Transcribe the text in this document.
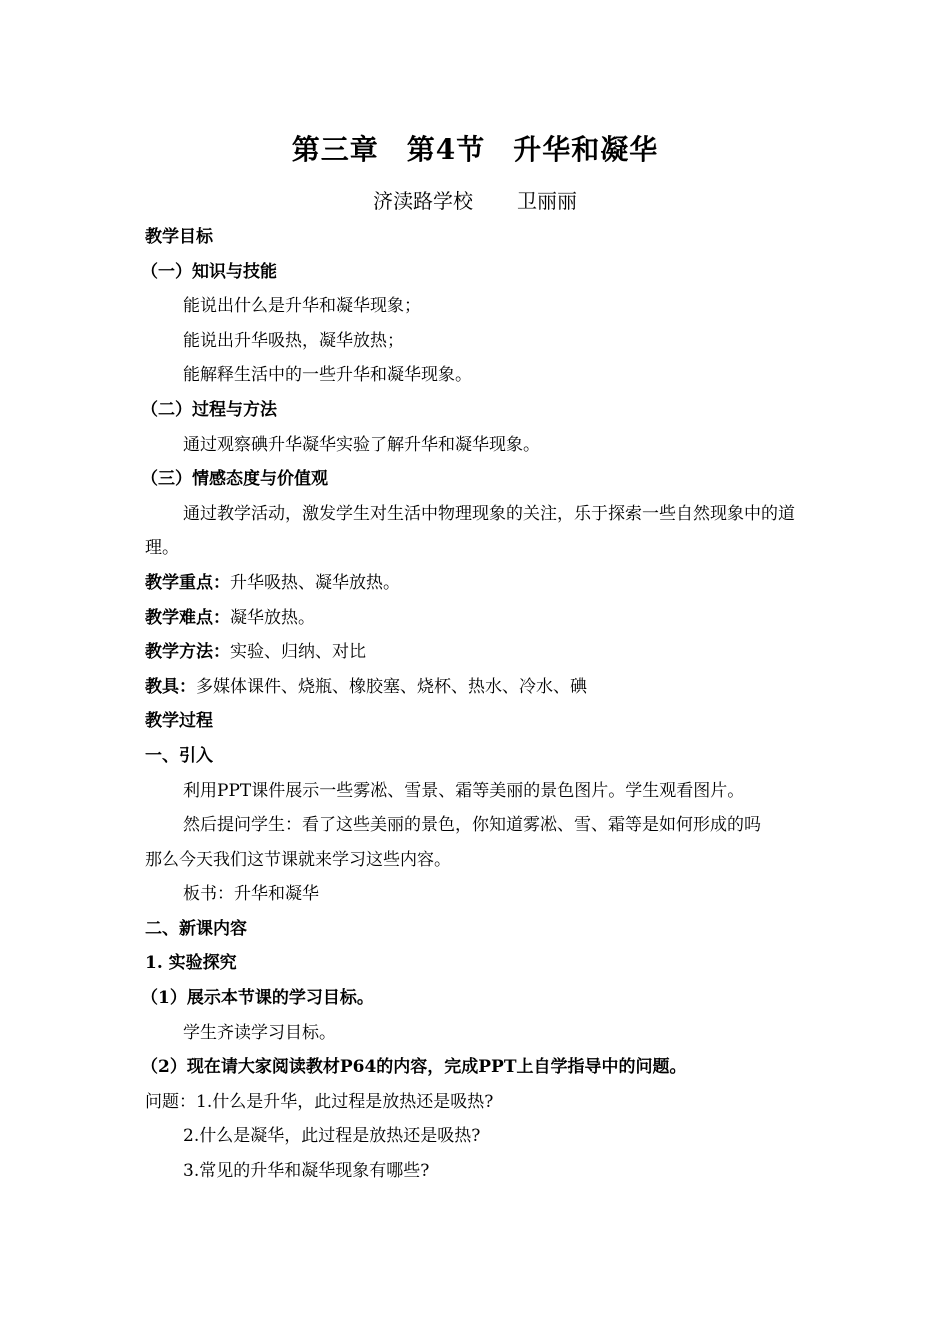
第三章 第4节 升华和凝华
济渎路学校 卫丽丽
教学目标
（一）知识与技能
能说出什么是升华和凝华现象；
能说出升华吸热，凝华放热；
能解释生活中的一些升华和凝华现象。
（二）过程与方法
通过观察碘升华凝华实验了解升华和凝华现象。
（三）情感态度与价值观
通过教学活动，激发学生对生活中物理现象的关注，乐于探索一些自然现象中的道理。
教学重点：升华吸热、凝华放热。
教学难点：凝华放热。
教学方法：实验、归纳、对比
教具：多媒体课件、烧瓶、橡胶塞、烧杯、热水、冷水、碘
教学过程
一、引入
利用PPT课件展示一些雾凇、雪景、霜等美丽的景色图片。学生观看图片。
然后提问学生：看了这些美丽的景色，你知道雾凇、雪、霜等是如何形成的吗
那么今天我们这节课就来学习这些内容。
板书：升华和凝华
二、新课内容
1. 实验探究
（1）展示本节课的学习目标。
学生齐读学习目标。
（2）现在请大家阅读教材P64的内容，完成PPT上自学指导中的问题。
问题：1.什么是升华，此过程是放热还是吸热?
2.什么是凝华，此过程是放热还是吸热?
3.常见的升华和凝华现象有哪些?
